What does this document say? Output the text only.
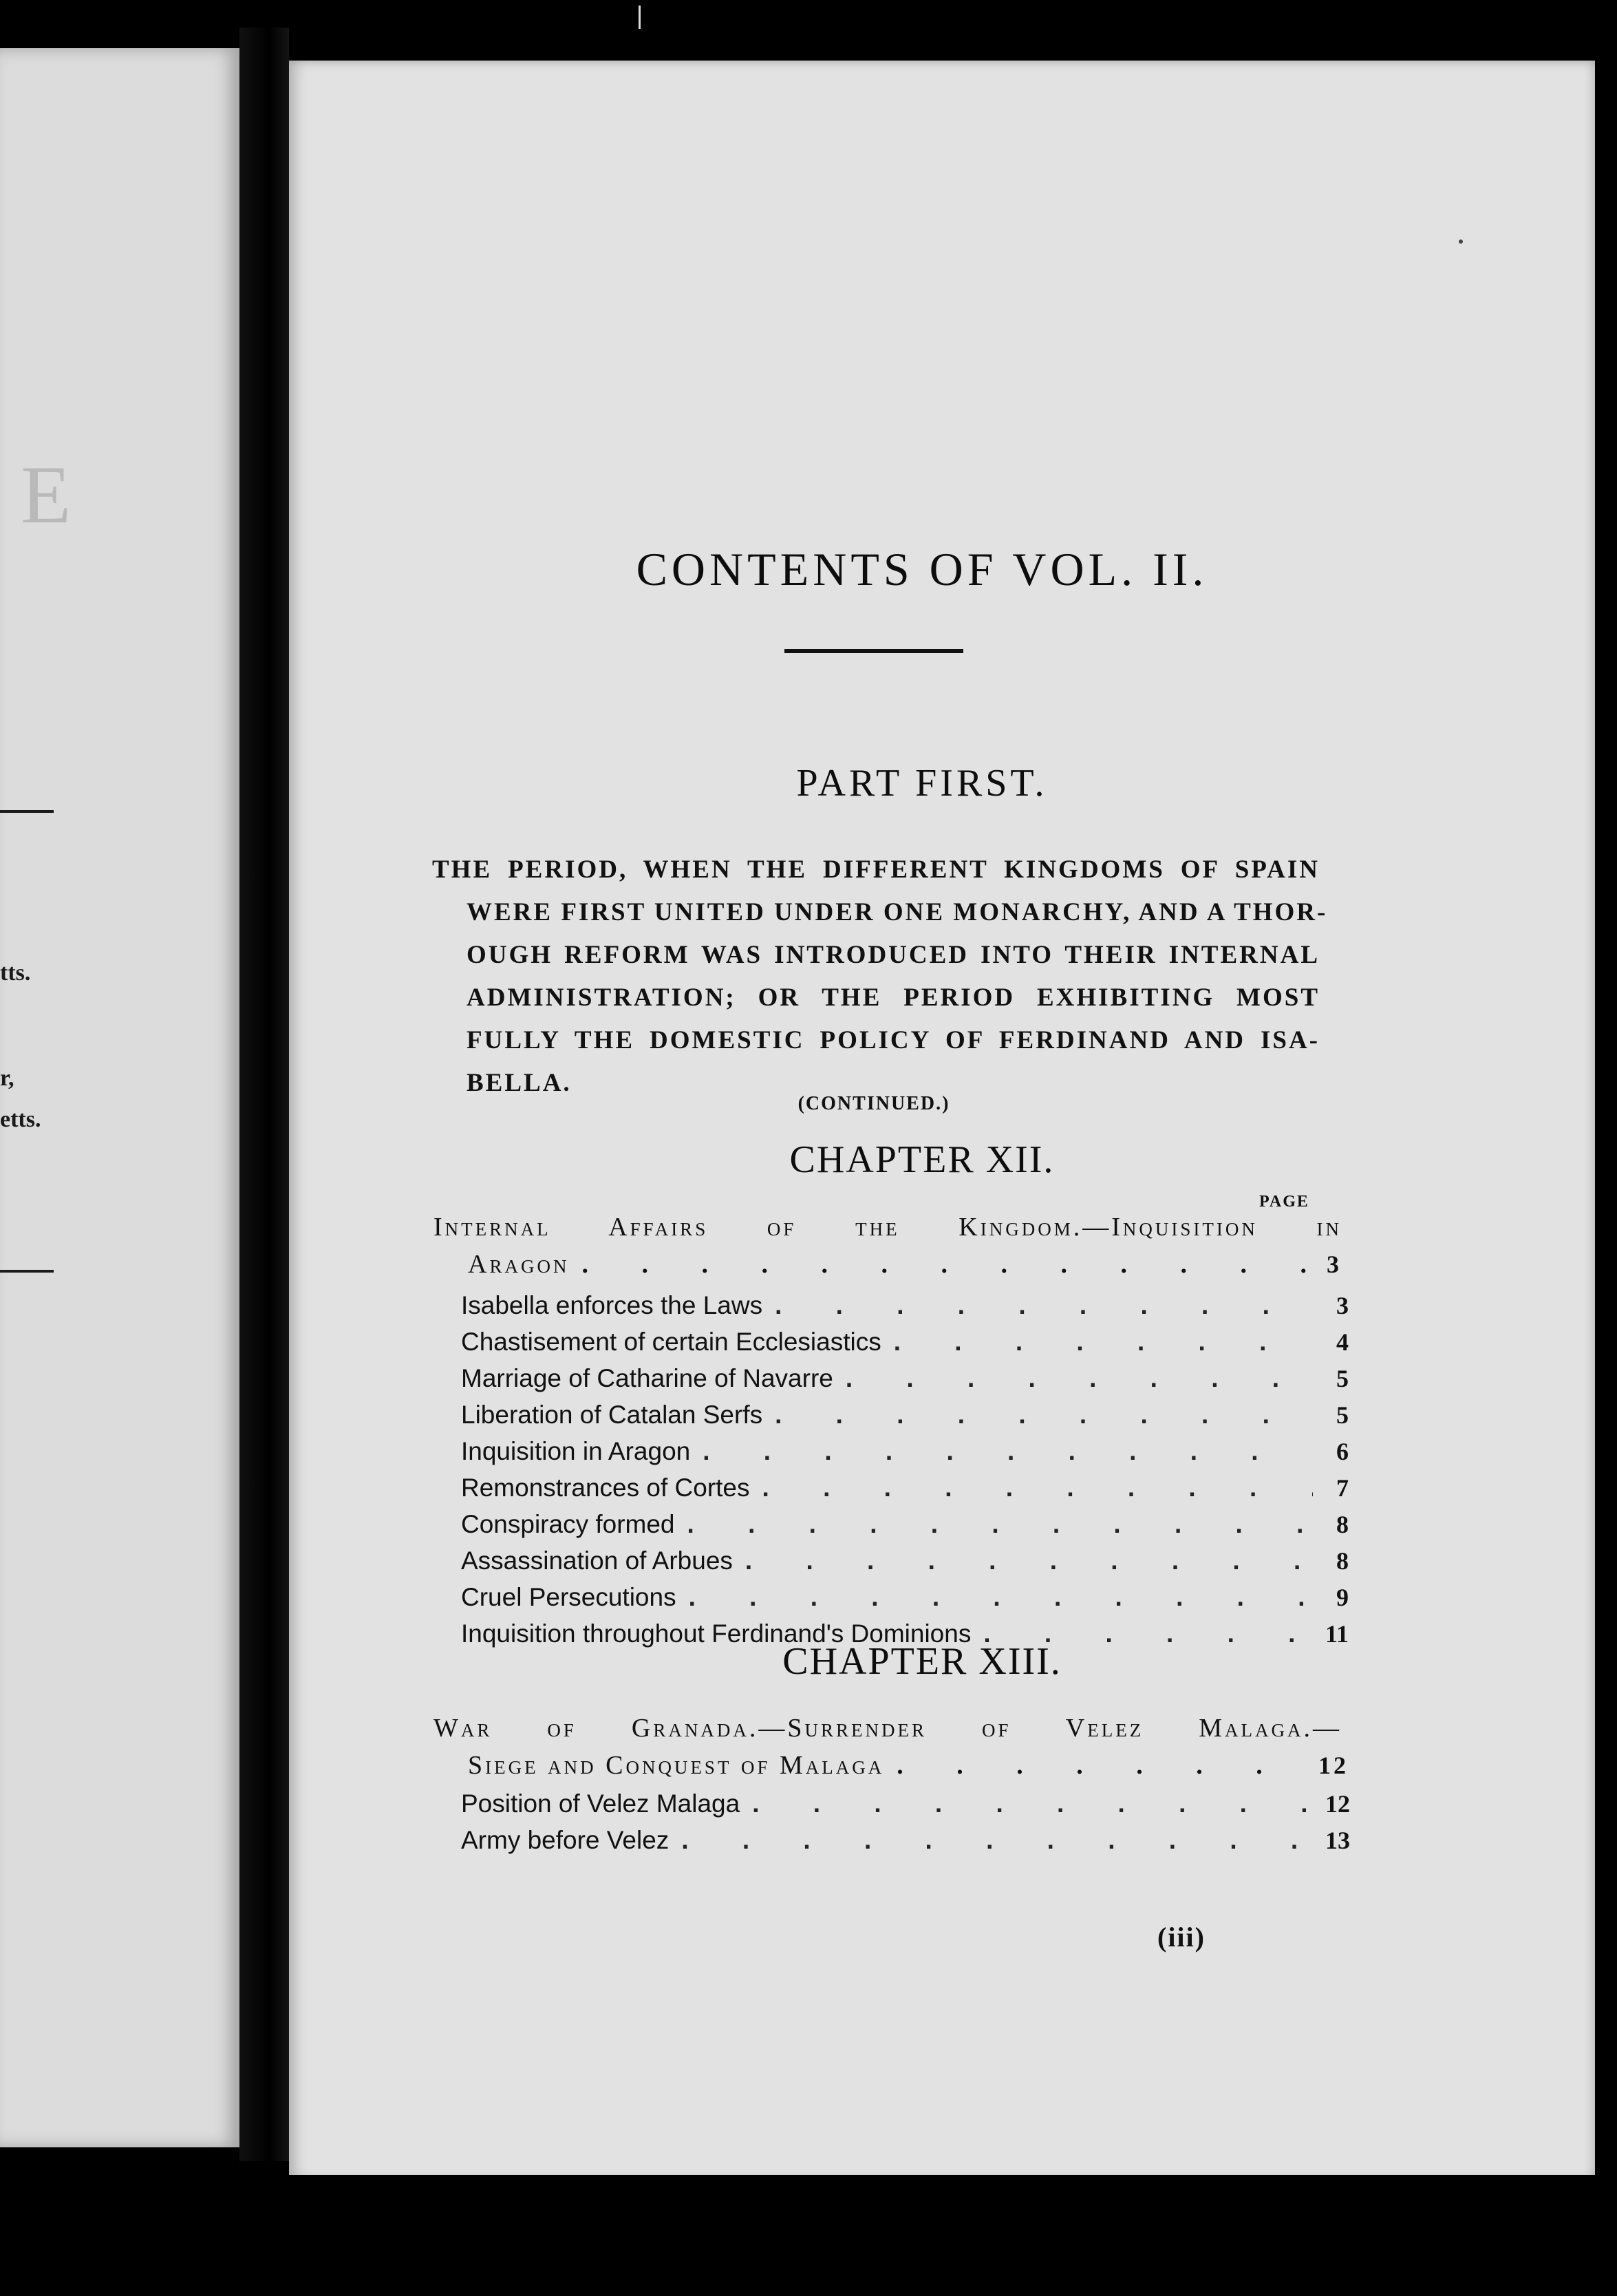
E
tts.
r,
etts.
CONTENTS OF VOL. II.
PART FIRST.
THE PERIOD, WHEN THE DIFFERENT KINGDOMS OF SPAIN
WERE FIRST UNITED UNDER ONE MONARCHY, AND A THOR-
OUGH REFORM WAS INTRODUCED INTO THEIR INTERNAL
ADMINISTRATION; OR THE PERIOD EXHIBITING MOST
FULLY THE DOMESTIC POLICY OF FERDINAND AND ISA-
BELLA.
(CONTINUED.)
CHAPTER XII.
PAGE
Internal Affairs of the Kingdom.—Inquisition in
Aragon . . .	3
Isabella enforces the Laws . . .	3
Chastisement of certain Ecclesiastics . . .	4
Marriage of Catharine of Navarre . . .	5
Liberation of Catalan Serfs . . .	5
Inquisition in Aragon . . .	6
Remonstrances of Cortes . . .	7
Conspiracy formed . . .	8
Assassination of Arbues . . .	8
Cruel Persecutions . . .	9
Inquisition throughout Ferdinand's Dominions . . .	11
CHAPTER XIII.
War of Granada.—Surrender of Velez Malaga.—
Siege and Conquest of Malaga . . .	12
Position of Velez Malaga . . .	12
Army before Velez . . .	13
(iii)
